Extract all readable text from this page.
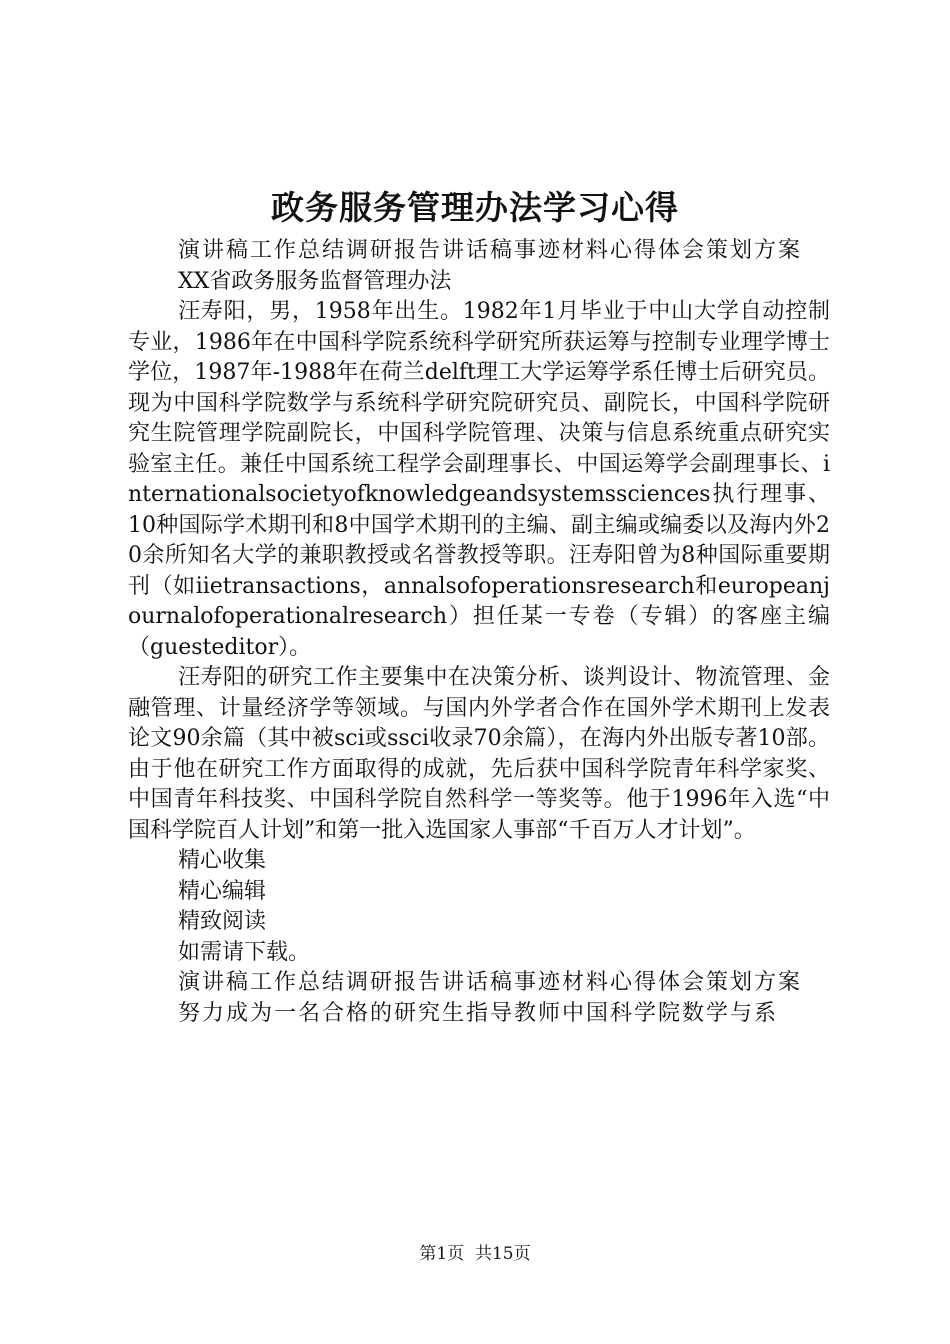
政务服务管理办法学习心得

演讲稿工作总结调研报告讲话稿事迹材料心得体会策划方案

XX省政务服务监督管理办法

汪寿阳，男，1958年出生。1982年1月毕业于中山大学自动控制专业，1986年在中国科学院系统科学研究所获运筹与控制专业理学博士学位，1987年-1988年在荷兰delft理工大学运筹学系任博士后研究员。现为中国科学院数学与系统科学研究院研究员、副院长，中国科学院研究生院管理学院副院长，中国科学院管理、决策与信息系统重点研究实验室主任。兼任中国系统工程学会副理事长、中国运筹学会副理事长、internationalsocietyofknowledgeandsystemssciences执行理事、10种国际学术期刊和8中国学术期刊的主编、副主编或编委以及海内外20余所知名大学的兼职教授或名誉教授等职。汪寿阳曾为8种国际重要期刊（如iietransactions，annalsofoperationsresearch和europeanjournalofoperationalresearch）担任某一专卷（专辑）的客座主编（guesteditor）。

汪寿阳的研究工作主要集中在决策分析、谈判设计、物流管理、金融管理、计量经济学等领域。与国内外学者合作在国外学术期刊上发表论文90余篇（其中被sci或ssci收录70余篇），在海内外出版专著10部。由于他在研究工作方面取得的成就，先后获中国科学院青年科学家奖、中国青年科技奖、中国科学院自然科学一等奖等。他于1996年入选“中国科学院百人计划”和第一批入选国家人事部“千百万人才计划”。

精心收集

精心编辑

精致阅读

如需请下载。

演讲稿工作总结调研报告讲话稿事迹材料心得体会策划方案

努力成为一名合格的研究生指导教师中国科学院数学与系

第1页  共15页
